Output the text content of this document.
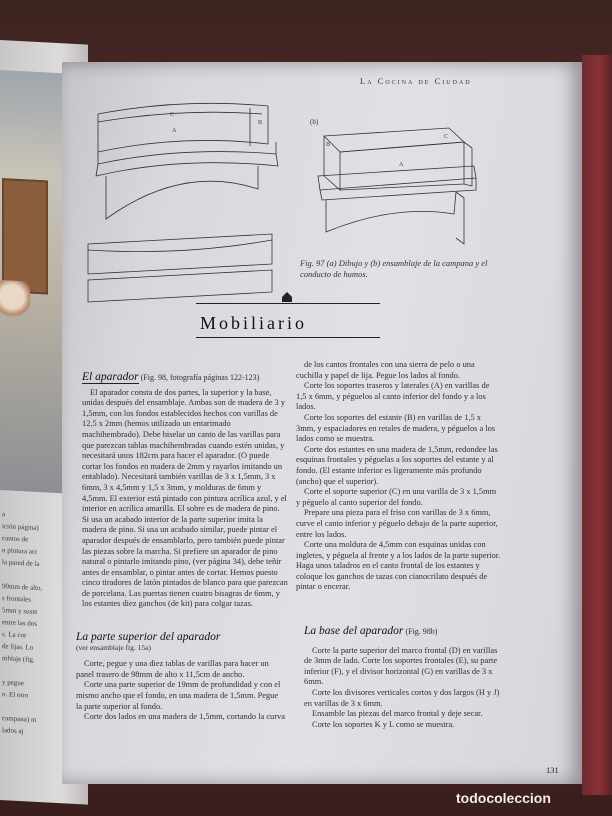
a
ición página)
cantos de
n pintura acr
la pared de la

90mm de alto,
s frontales
5mm y suste
entre las dos
s. La cor
de lijas. Lo
mblaje (fig.

y pegue
o. El otro

campana) m
lados aj
La Cocina de Ciudad
C
A
B	(b)
B
C
A
Fig. 97 (a) Dibujo y (b) ensamblaje de la campana y el conducto de humos.
Mobiliario
El aparador (Fig. 98, fotografía páginas 122-123)

El aparador consta de dos partes, la superior y la base, unidas después del ensamblaje. Ambas son de madera de 3 y 1,5mm, con los fondos establecidos hechos con varillas de 12,5 x 2mm (hemos utilizado un entarimado machihembrado). Debe biselar un canto de las varillas para que parezcan tablas machihembradas cuando estén unidas, y necesitará unos 182cm para hacer el aparador. (O puede cortar los fondos en madera de 2mm y rayarlos imitando un entablado). Necesitará también varillas de 3 x 1,5mm, 3 x 6mm, 3 x 4,5mm y 1,5 x 3mm, y molduras de 6mm y 4,5mm. El exterior está pintado con pintura acrílica azul, y el interior en acrílica amarilla. El sobre es de madera de pino. Si usa un acabado interior de la parte superior imita la madera de pino. Si usa un acabado similar, puede pintar el aparador después de ensamblarlo, pero también puede pintar las piezas sobre la marcha. Si prefiere un aparador de pino natural o pintarlo imitando pino, (ver página 34), debe teñir antes de ensamblar, o pintar antes de cortar. Hemos puesto cinco tiradores de latón pintados de blanco para que parezcan de porcelana. Las puertas tienen cuatro bisagras de 6mm, y los estantes diez ganchos (de kit) para colgar tazas.

de los cantos frontales con una sierra de pelo o una cuchilla y papel de lija. Pegue los lados al fondo.

Corte los soportes traseros y laterales (A) en varillas de 1,5 x 6mm, y péguelos al canto inferior del fondo y a los lados.

Corte los soportes del estante (B) en varillas de 1,5 x 3mm, y espaciadores en retales de madera, y péguelos a los lados como se muestra.

Corte dos estantes en una madera de 1,5mm, redondee las esquinas frontales y péguelas a los soportes del estante y al fondo. (El estante inferior es ligeramente más profundo (ancho) que el superior).

Corte el soporte superior (C) en una varilla de 3 x 1,5mm y péguelo al canto superior del fondo.

Prepare una pieza para el friso con varillas de 3 x 6mm, curve el canto inferior y péguelo debajo de la parte superior, entre los lados.

Corte una moldura de 4,5mm con esquinas unidas con ingletes, y péguela al frente y a los lados de la parte superior. Haga unos taladros en el canto frontal de los estantes y coloque los ganchos de tazas con cianocrilato después de pintar o encerar.

La parte superior del aparador
(ver ensamblaje fig. 15a)

Corte, pegue y una diez tablas de varillas para hacer un panel trasero de 98mm de alto x 11,5cm de ancho.

Corte una parte superior de 19mm de profundidad y con el mismo ancho que el fondo, en una madera de 1,5mm. Pegue la parte superior al fondo.

Corte dos lados en una madera de 1,5mm, cortando la curva

La base del aparador (Fig. 98b)

Corte la parte superior del marco frontal (D) en varillas de 3mm de lado. Corte los soportes frontales (E), su parte inferior (F), y el divisor horizontal (G) en varillas de 3 x 6mm.

Corte los divisores verticales cortos y dos largos (H y J) en varillas de 3 x 6mm.

Ensamble las piezas del marco frontal y deje secar.

Corte los soportes K y L como se muestra.

131
todocoleccion
